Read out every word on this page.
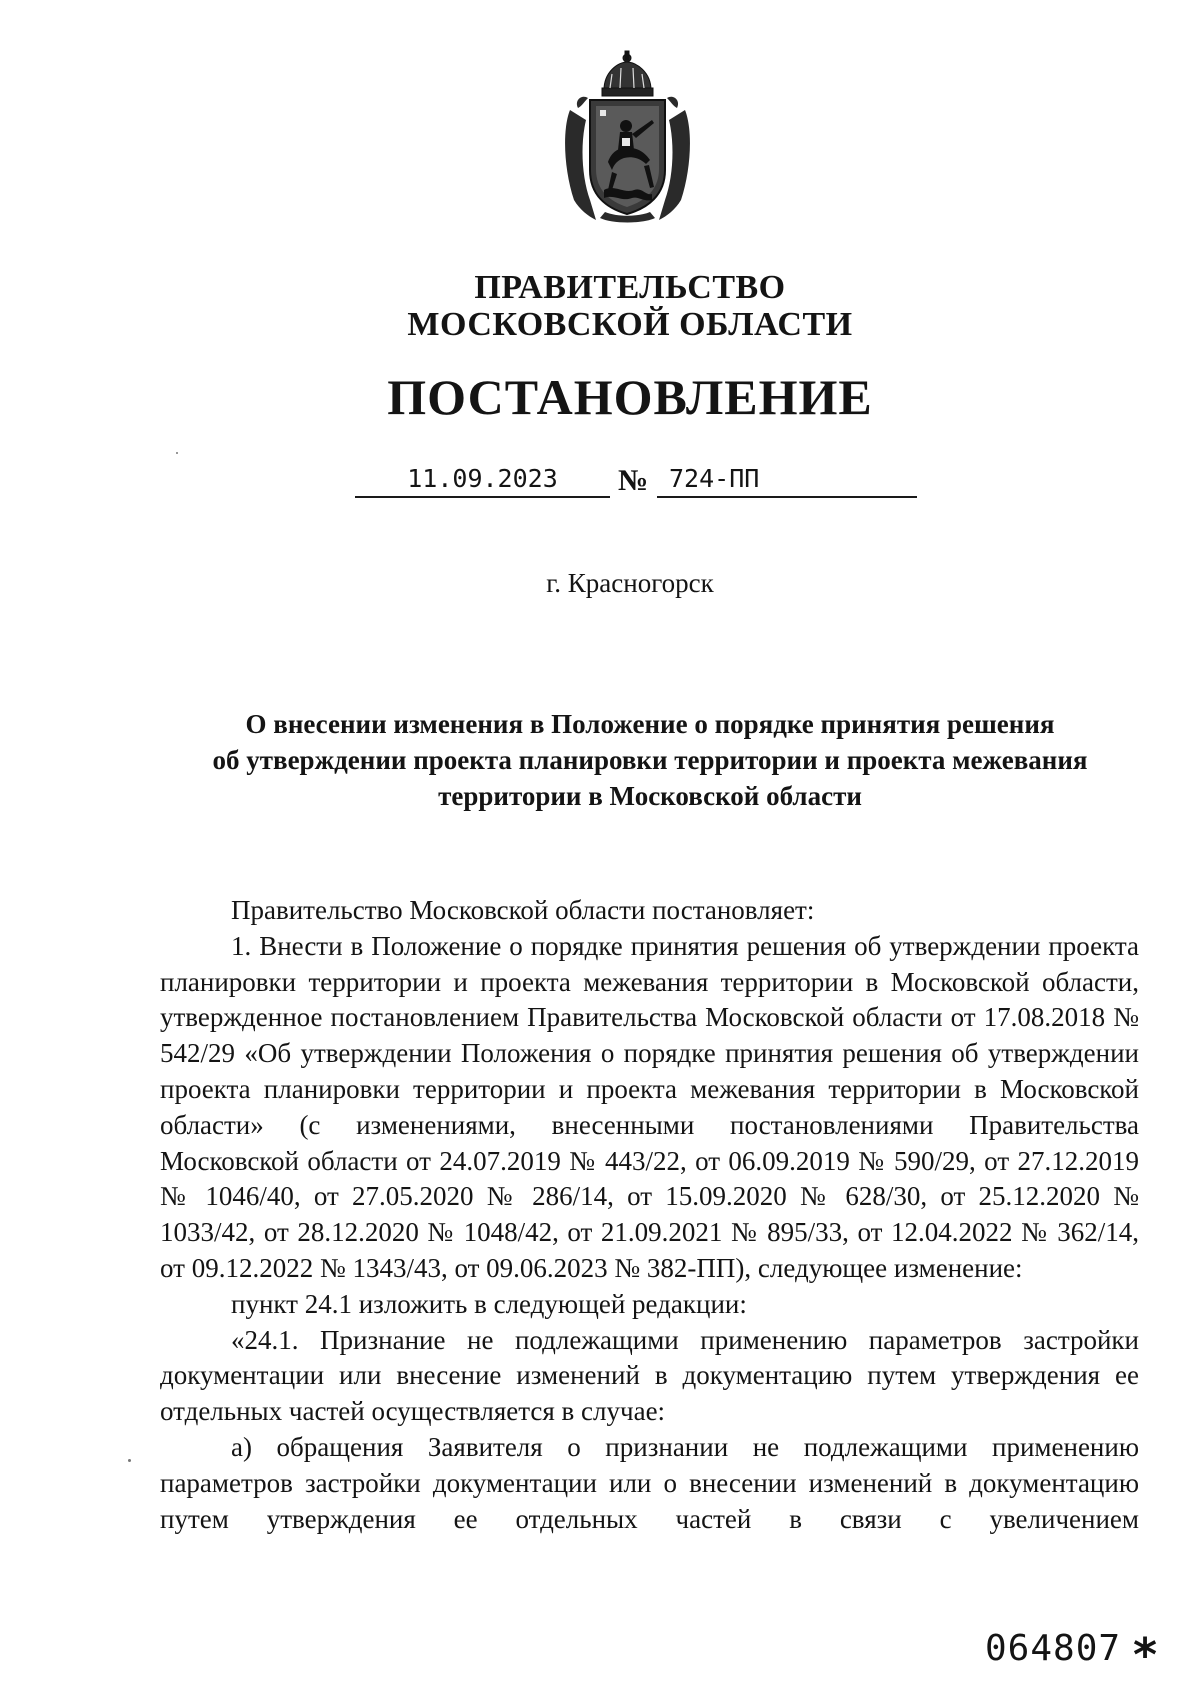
ПРАВИТЕЛЬСТВО
МОСКОВСКОЙ ОБЛАСТИ
ПОСТАНОВЛЕНИЕ
11.09.2023	№ 724-ПП
г. Красногорск
О внесении изменения в Положение о порядке принятия решения
об утверждении проекта планировки территории и проекта межевания
территории в Московской области

Правительство Московской области постановляет:

1. Внести в Положение о порядке принятия решения об утверждении проекта планировки территории и проекта межевания территории в Московской области, утвержденное постановлением Правительства Московской области от 17.08.2018 № 542/29 «Об утверждении Положения о порядке принятия решения об утверждении проекта планировки территории и проекта межевания территории в Московской области» (с изменениями, внесенными постановлениями Правительства Московской области от 24.07.2019 № 443/22, от 06.09.2019 № 590/29, от 27.12.2019 № 1046/40, от 27.05.2020 № 286/14, от 15.09.2020 № 628/30, от 25.12.2020 № 1033/42, от 28.12.2020 № 1048/42, от 21.09.2021 № 895/33, от 12.04.2022 № 362/14, от 09.12.2022 № 1343/43, от 09.06.2023 № 382-ПП), следующее изменение:

пункт 24.1 изложить в следующей редакции:

«24.1. Признание не подлежащими применению параметров застройки документации или внесение изменений в документацию путем утверждения ее отдельных частей осуществляется в случае:

а) обращения Заявителя о признании не подлежащими применению параметров застройки документации или о внесении изменений в документацию путем утверждения ее отдельных частей в связи с увеличением

064807 *
